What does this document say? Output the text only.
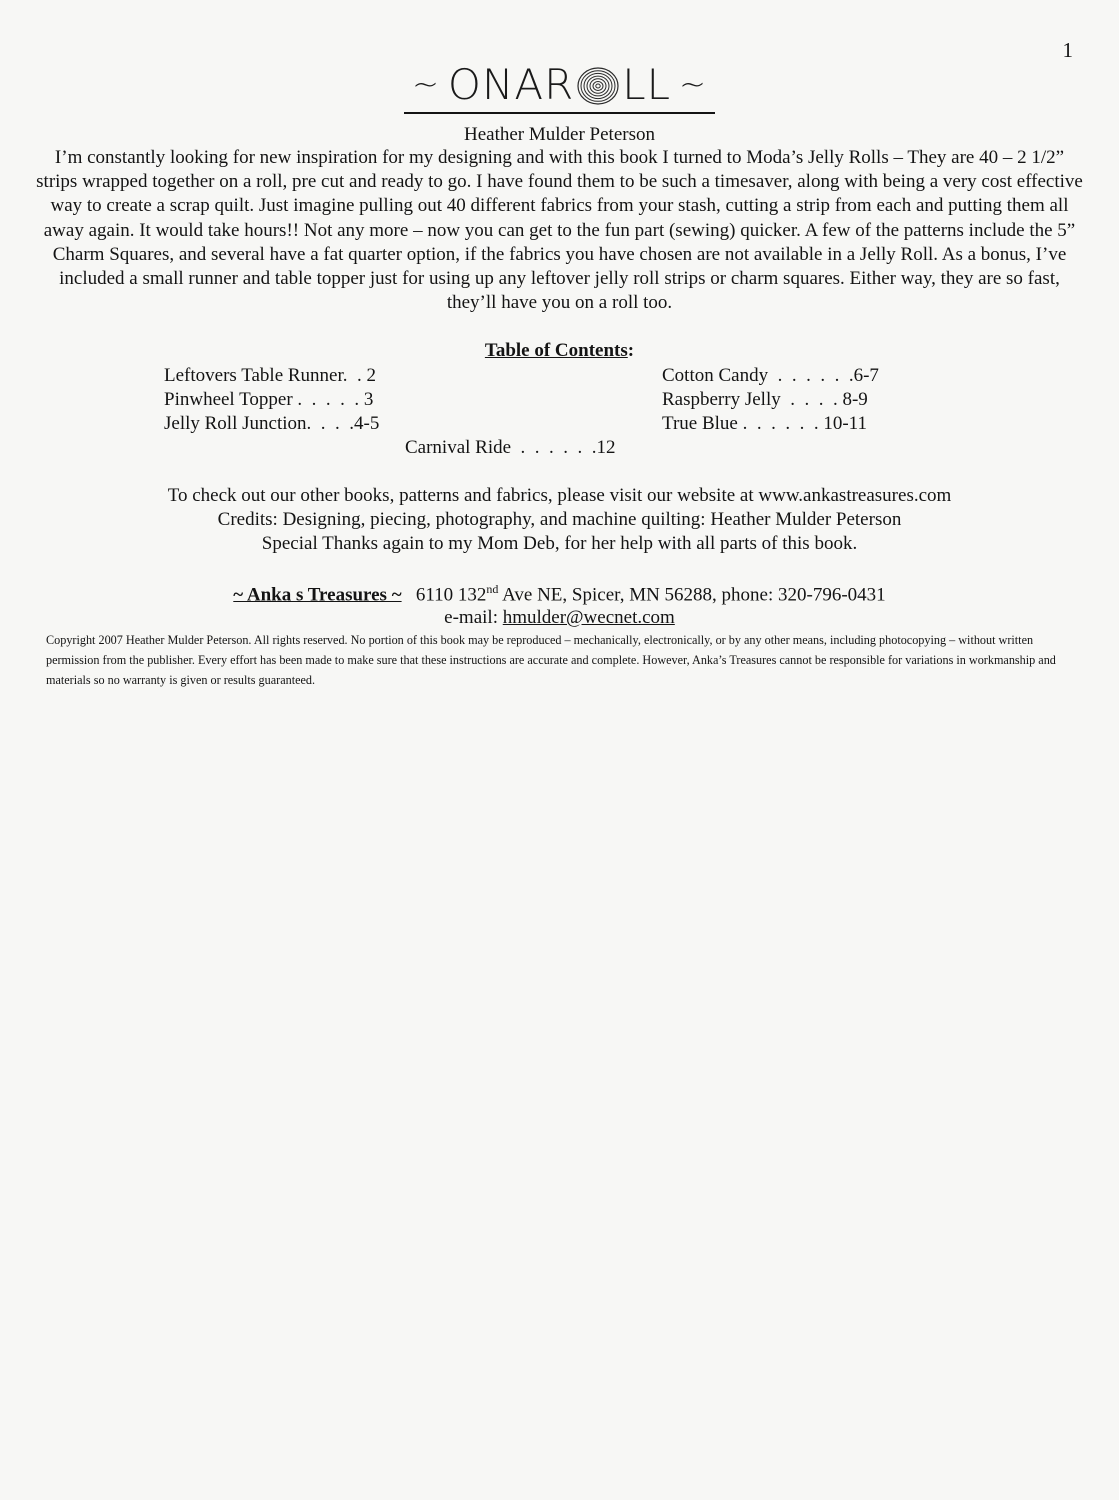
1
~ ONAR LL ~
Heather Mulder Peterson

I’m constantly looking for new inspiration for my designing and with this book I turned to Moda’s Jelly Rolls – They are 40 – 2 1/2” strips wrapped together on a roll, pre cut and ready to go. I have found them to be such a timesaver, along with being a very cost effective way to create a scrap quilt. Just imagine pulling out 40 different fabrics from your stash, cutting a strip from each and putting them all away again. It would take hours!! Not any more – now you can get to the fun part (sewing) quicker. A few of the patterns include the 5” Charm Squares, and several have a fat quarter option, if the fabrics you have chosen are not available in a Jelly Roll. As a bonus, I’ve included a small runner and table topper just for using up any leftover jelly roll strips or charm squares. Either way, they are so fast, they’ll have you on a roll too.

Table of Contents:
Leftovers Table Runner.  . 2
Pinwheel Topper .  .  .  .  . 3
Jelly Roll Junction.  .  .  .4-5
Cotton Candy  .  .  .  .  .  .6-7
Raspberry Jelly  .  .  .  . 8-9
True Blue .  .  .  .  .  . 10-11
Carnival Ride  .  .  .  .  .  .12
To check out our other books, patterns and fabrics, please visit our website at www.ankastreasures.com
Credits: Designing, piecing, photography, and machine quilting: Heather Mulder Peterson
Special Thanks again to my Mom Deb, for her help with all parts of this book.
~ Anka s Treasures ~ 6110 132nd Ave NE, Spicer, MN 56288, phone: 320-796-0431
e-mail: hmulder@wecnet.com

Copyright 2007 Heather Mulder Peterson. All rights reserved. No portion of this book may be reproduced – mechanically, electronically, or by any other means, including photocopying – without written permission from the publisher. Every effort has been made to make sure that these instructions are accurate and complete. However, Anka’s Treasures cannot be responsible for variations in workmanship and materials so no warranty is given or results guaranteed.
